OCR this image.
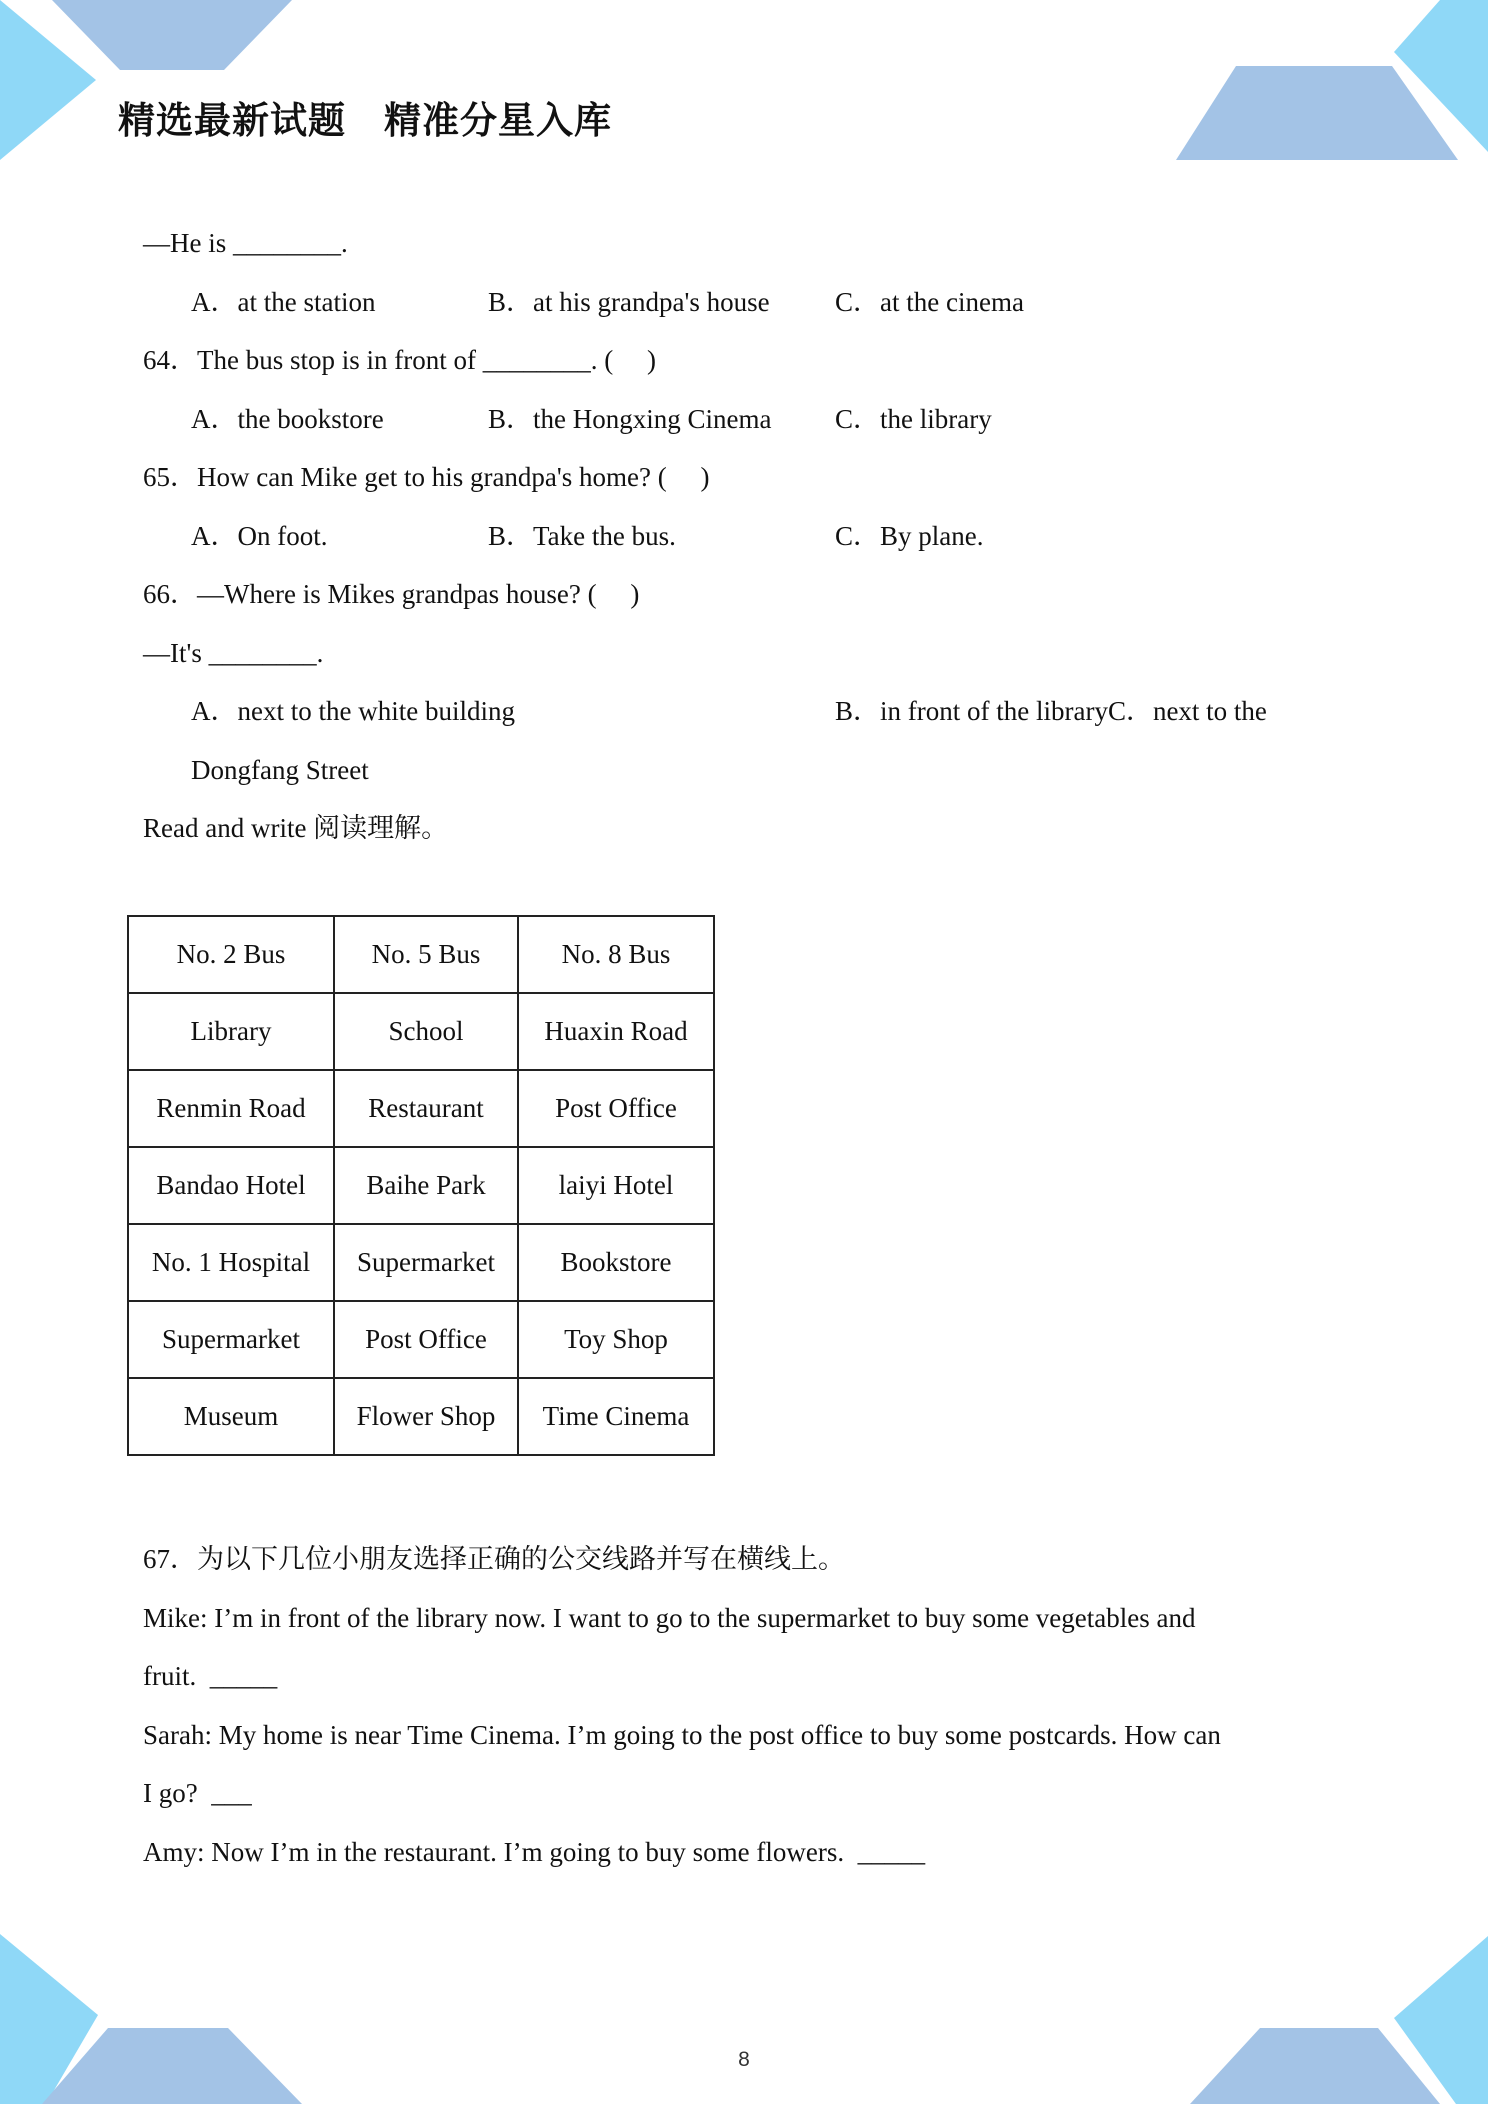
精选最新试题　精准分星入库
—He is ________.
A．at the station	B．at his grandpa's house C．at the cinema
64．The bus stop is in front of ________. (　 )
A．the bookstore	B．the Hongxing Cinema C．the library
65．How can Mike get to his grandpa's home? (　 )
A．On foot.	B．Take the bus.	C．By plane.
66．—Where is Mikes grandpas house? (　 )
—It's ________.
A．next to the white building	B．in front of the libraryC．next to the
Dongfang Street
Read and write 阅读理解。
No. 2 Bus	No. 5 Bus	No. 8 Bus
Library	School	Huaxin Road
Renmin Road	Restaurant	Post Office
Bandao Hotel	Baihe Park	laiyi Hotel
No. 1 Hospital	Supermarket	Bookstore
Supermarket	Post Office	Toy Shop
Museum	Flower Shop	Time Cinema
67．为以下几位小朋友选择正确的公交线路并写在横线上。
Mike: I’m in front of the library now. I want to go to the supermarket to buy some vegetables and
fruit.  _____
Sarah: My home is near Time Cinema. I’m going to the post office to buy some postcards. How can
I go?  ___
Amy: Now I’m in the restaurant. I’m going to buy some flowers.  _____
8
